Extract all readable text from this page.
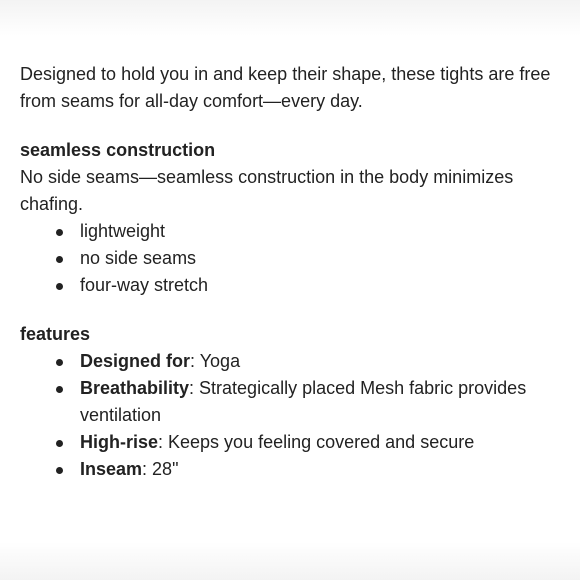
Designed to hold you in and keep their shape, these tights are free from seams for all-day comfort—every day.

seamless construction

No side seams—seamless construction in the body minimizes chafing.

lightweight
no side seams
four-way stretch

features

Designed for: Yoga
Breathability: Strategically placed Mesh fabric provides ventilation
High-rise: Keeps you feeling covered and secure
Inseam: 28"
